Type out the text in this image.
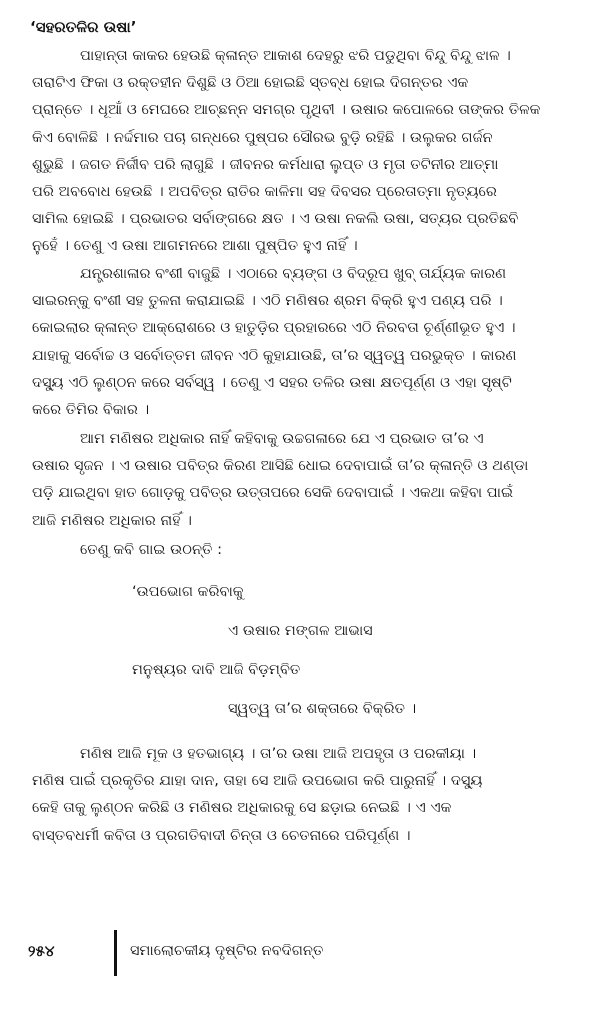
‘ସହରତଳିର ଉଷା’
ପାହାନ୍ତା କାକର ହେଉଛି କ୍ଳାନ୍ତ ଆକାଶ ଦେହରୁ ଝରି ପଡୁଥିବା ବିନ୍ଦୁ ବିନ୍ଦୁ ଝାଳ ।
ତାରାଟିଏ ଫିକା ଓ ରକ୍ତହୀନ ଦିଶୁଛି ଓ ଠିଆ ହୋଇଛି ସ୍ତବ୍ଧ ହୋଇ ଦିଗନ୍ତର ଏକ
ପ୍ରାନ୍ତେ । ଧୂଆଁ ଓ ମେଘରେ ଆଚ୍ଛନ୍ନ ସମଗ୍ର ପୃଥିବୀ । ଉଷାର କପୋଳରେ ତାଙ୍କର ତିଳକ
କିଏ ବୋଳିଛି । ନର୍ଦ୍ଦମାର ପଚା ଗନ୍ଧରେ ପୁଷ୍ପର ସୌରଭ ବୁଡ଼ି ରହିଛି । ଉଲୁକର ଗର୍ଜନ
ଶୁଭୁଛି । ଜଗତ ନିର୍ଜୀବ ପରି ଲାଗୁଛି । ଜୀବନର କର୍ମଧାରା ଲୁପ୍ତ ଓ ମୃତା ତଟିନୀର ଆତ୍ମା
ପରି ଅବବୋଧ ହେଉଛି । ଅପବିତ୍ର ରାତିର କାଳିମା ସହ ଦିବସର ପ୍ରେତାତ୍ମା ନୃତ୍ୟରେ
ସାମିଲ ହୋଇଛି । ପ୍ରଭାତର ସର୍ବାଙ୍ଗରେ କ୍ଷତ । ଏ ଉଷା ନକଲି ଉଷା, ସତ୍ୟର ପ୍ରତିଛବି
ନୁହେଁ । ତେଣୁ ଏ ଉଷା ଆଗମନରେ ଆଶା ପୁଷ୍ପିତ ହୁଏ ନାହିଁ ।
ଯନ୍ତ୍ରଶାଳାର ବଂଶୀ ବାଜୁଛି । ଏଠାରେ ବ୍ୟଙ୍ଗ ଓ ବିଦ୍ରୂପ ଖୁବ୍ ତାର୍ଯ୍ୟକ କାରଣ
ସାଇରନ୍‌କୁ ବଂଶୀ ସହ ତୁଳନା କରାଯାଇଛି । ଏଠି ମଣିଷର ଶ୍ରମ ବିକ୍ରି ହୁଏ ପଣ୍ୟ ପରି ।
କୋଇଲାର କ୍ଳାନ୍ତ ଆକ୍ରୋଶରେ ଓ ହାତୁଡ଼ିର ପ୍ରହାରରେ ଏଠି ନିରବତା ଚୂର୍ଣ୍ଣୀଭୂତ ହୁଏ ।
ଯାହାକୁ ସର୍ବୋଚ୍ଚ ଓ ସର୍ବୋତ୍ତମ ଜୀବନ ଏଠି କୁହାଯାଉଛି, ତା’ର ସ୍ୱତ୍ୱ ପରଭୁକ୍ତ । କାରଣ
ଦସ୍ୟୁ ଏଠି ଲୁଣ୍ଠନ କରେ ସର୍ବସ୍ୱ । ତେଣୁ ଏ ସହର ତଳିର ଉଷା କ୍ଷତପୂର୍ଣ୍ଣ ଓ ଏହା ସୃଷ୍ଟି
କରେ ତିମିର ବିକାର ।
ଆମ ମଣିଷର ଅଧିକାର ନାହିଁ କହିବାକୁ ଉଚ୍ଚଗଳାରେ ଯେ ଏ ପ୍ରଭାତ ତା’ର ଏ
ଉଷାର ସୃଜନ । ଏ ଉଷାର ପବିତ୍ର କିରଣ ଆସିଛି ଧୋଇ ଦେବାପାଇଁ ତା’ର କ୍ଳାନ୍ତି ଓ ଥଣ୍ଡା
ପଡ଼ି ଯାଇଥିବା ହାତ ଗୋଡ଼କୁ ପବିତ୍ର ଉତ୍ତାପରେ ସେକି ଦେବାପାଇଁ । ଏକଥା କହିବା ପାଇଁ
ଆଜି ମଣିଷର ଅଧିକାର ନାହିଁ ।
ତେଣୁ କବି ଗାଇ ଉଠନ୍ତି :
‘ଉପଭୋଗ କରିବାକୁ
ଏ ଉଷାର ମଙ୍ଗଳ ଆଭାସ
ମନୁଷ୍ୟର ଦାବି ଆଜି ବିଡ଼ମ୍ବିତ
ସ୍ୱତ୍ୱ ତା’ର ଶକ୍ତାରେ ବିକ୍ରିତ ।
ମଣିଷ ଆଜି ମୂକ ଓ ହତଭାଗ୍ୟ । ତା’ର ଉଷା ଆଜି ଅପହୃତା ଓ ପରକୀୟା ।
ମଣିଷ ପାଇଁ ପ୍ରକୃତିର ଯାହା ଦାନ, ତାହା ସେ ଆଜି ଉପଭୋଗ କରି ପାରୁନାହିଁ । ଦସ୍ୟୁ
କେହି ତାକୁ ଲୁଣ୍ଠନ କରିଛି ଓ ମଣିଷର ଅଧିକାରକୁ ସେ ଛଡ଼ାଇ ନେଇଛି । ଏ ଏକ
ବାସ୍ତବଧର୍ମୀ କବିତା ଓ ପ୍ରଗତିବାଦୀ ଚିନ୍ତା ଓ ଚେତନାରେ ପରିପୂର୍ଣ୍ଣ ।
୨୫୪	ସମାଲୋଚକୀୟ ଦୃଷ୍ଟିର ନବଦିଗନ୍ତ
